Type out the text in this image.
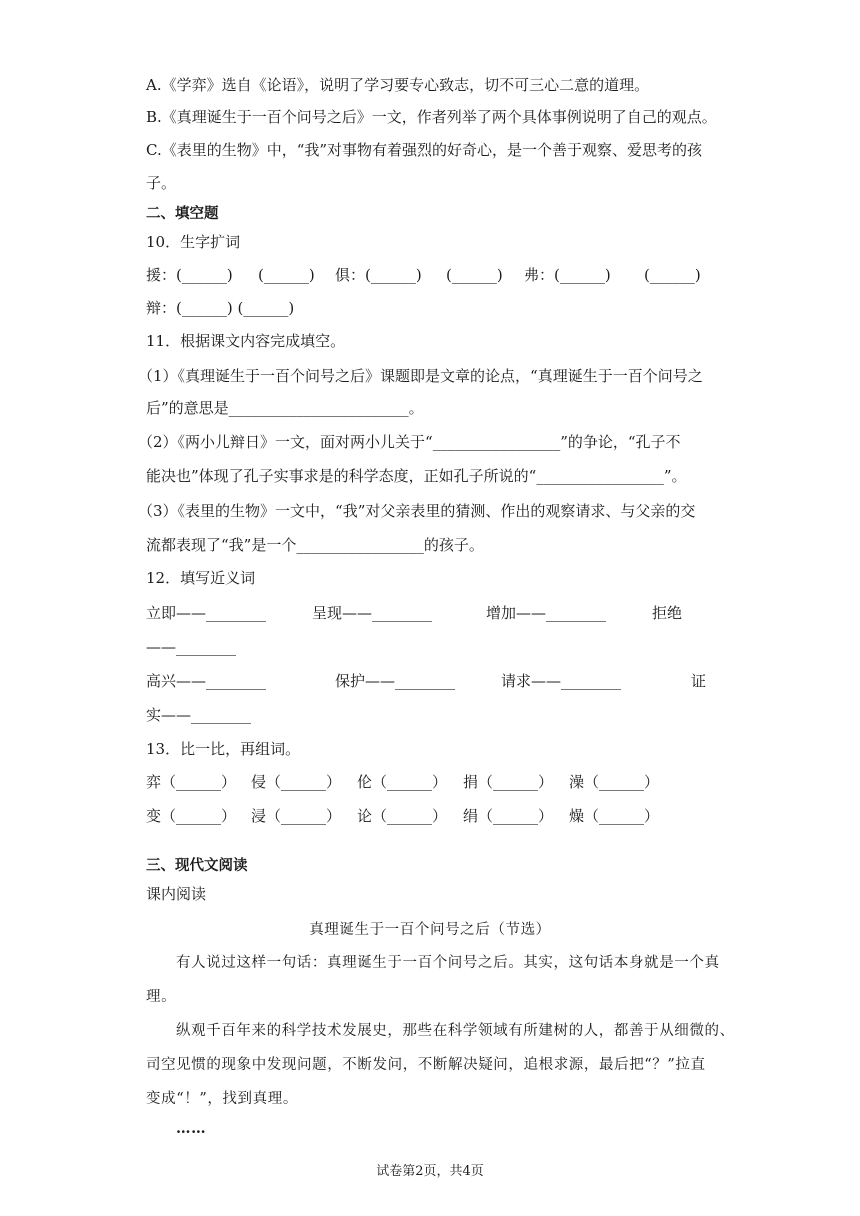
A.《学弈》选自《论语》，说明了学习要专心致志，切不可三心二意的道理。
B.《真理诞生于一百个问号之后》一文，作者列举了两个具体事例说明了自己的观点。
C.《表里的生物》中，“我”对事物有着强烈的好奇心，是一个善于观察、爱思考的孩
子。
二、填空题
10．生字扩词
援：(______) (______) 俱：(______) (______) 弗：(______) (______)
辩：(______) (______)
11．根据课文内容完成填空。
（1）《真理诞生于一百个问号之后》课题即是文章的论点，“真理诞生于一百个问号之
后”的意思是________________________。
（2）《两小儿辩日》一文，面对两小儿关于“_________________”的争论，“孔子不
能决也”体现了孔子实事求是的科学态度，正如孔子所说的“_________________”。
（3）《表里的生物》一文中，“我”对父亲表里的猜测、作出的观察请求、与父亲的交
流都表现了“我”是一个_________________的孩子。
12．填写近义词
立即——________	呈现——________	增加——________	拒绝
——________
高兴——________	保护——________	请求——________	证
实——________
13．比一比，再组词。
弈（______） 侵（______） 伦（______） 捐（______） 澡（______）
变（______） 浸（______） 论（______） 绢（______） 燥（______）
三、现代文阅读
课内阅读
真理诞生于一百个问号之后（节选）
有人说过这样一句话：真理诞生于一百个问号之后。其实，这句话本身就是一个真
理。
纵观千百年来的科学技术发展史，那些在科学领域有所建树的人，都善于从细微的、
司空见惯的现象中发现问题，不断发问，不断解决疑问，追根求源，最后把“？”拉直
变成“！”，找到真理。
……
试卷第2页，共4页
